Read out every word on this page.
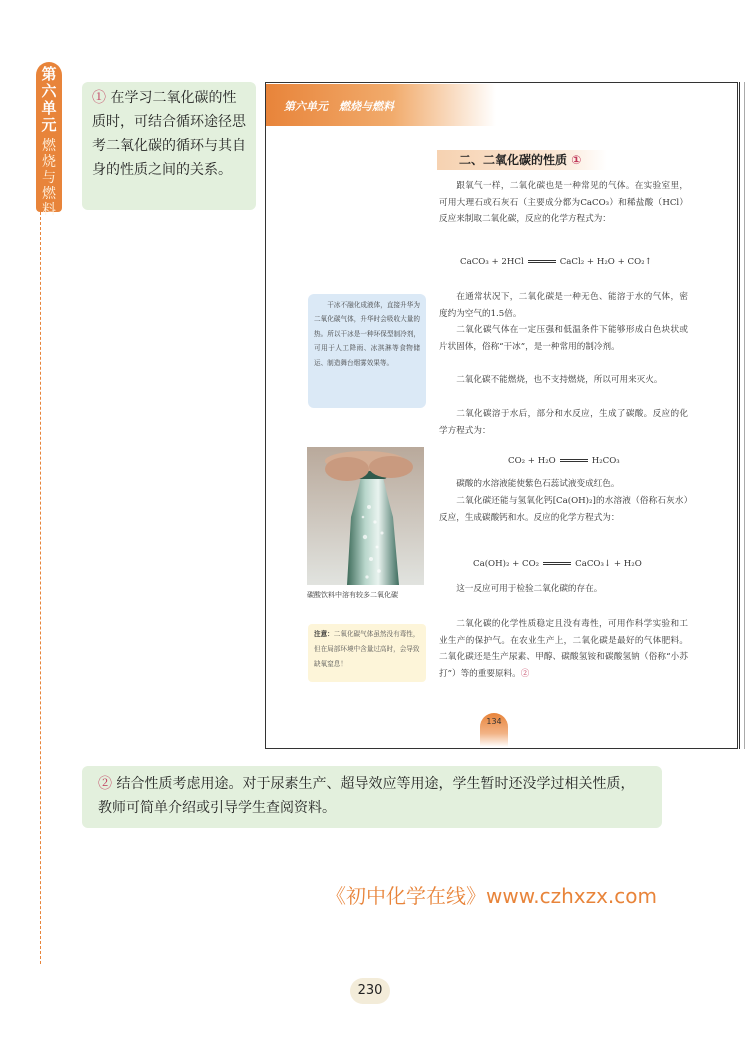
第六单元
燃烧与燃料
① 在学习二氧化碳的性质时，可结合循环途径思考二氧化碳的循环与其自身的性质之间的关系。
第六单元　燃烧与燃料
二、二氧化碳的性质 ①
跟氧气一样，二氧化碳也是一种常见的气体。在实验室里，可用大理石或石灰石（主要成分都为CaCO₃）和稀盐酸（HCl）反应来制取二氧化碳，反应的化学方程式为：
CaCO₃ + 2HCl	CaCl₂ + H₂O + CO₂↑
在通常状况下，二氧化碳是一种无色、能溶于水的气体，密度约为空气的1.5倍。
二氧化碳气体在一定压强和低温条件下能够形成白色块状或片状固体，俗称“干冰”，是一种常用的制冷剂。
二氧化碳不能燃烧，也不支持燃烧，所以可用来灭火。
二氧化碳溶于水后，部分和水反应，生成了碳酸。反应的化学方程式为：
CO₂ + H₂O	H₂CO₃
碳酸的水溶液能使紫色石蕊试液变成红色。
二氧化碳还能与氢氧化钙[Ca(OH)₂]的水溶液（俗称石灰水）反应，生成碳酸钙和水。反应的化学方程式为：
Ca(OH)₂ + CO₂	CaCO₃↓ + H₂O
这一反应可用于检验二氧化碳的存在。
二氧化碳的化学性质稳定且没有毒性，可用作科学实验和工业生产的保护气。在农业生产上，二氧化碳是最好的气体肥料。二氧化碳还是生产尿素、甲醇、碳酸氢铵和碳酸氢钠（俗称“小苏打”）等的重要原料。②
干冰不融化成液体，直接升华为二氧化碳气体，升华时会吸收大量的热。所以干冰是一种环保型制冷剂，可用于人工降雨、冰淇淋等食物储运、制造舞台烟雾效果等。
碳酸饮料中溶有较多二氧化碳
注意：二氧化碳气体虽然没有毒性，但在局部环境中含量过高时，会导致缺氧窒息！
134
② 结合性质考虑用途。对于尿素生产、超导效应等用途，学生暂时还没学过相关性质，教师可简单介绍或引导学生查阅资料。
《初中化学在线》www.czhxzx.com
230
